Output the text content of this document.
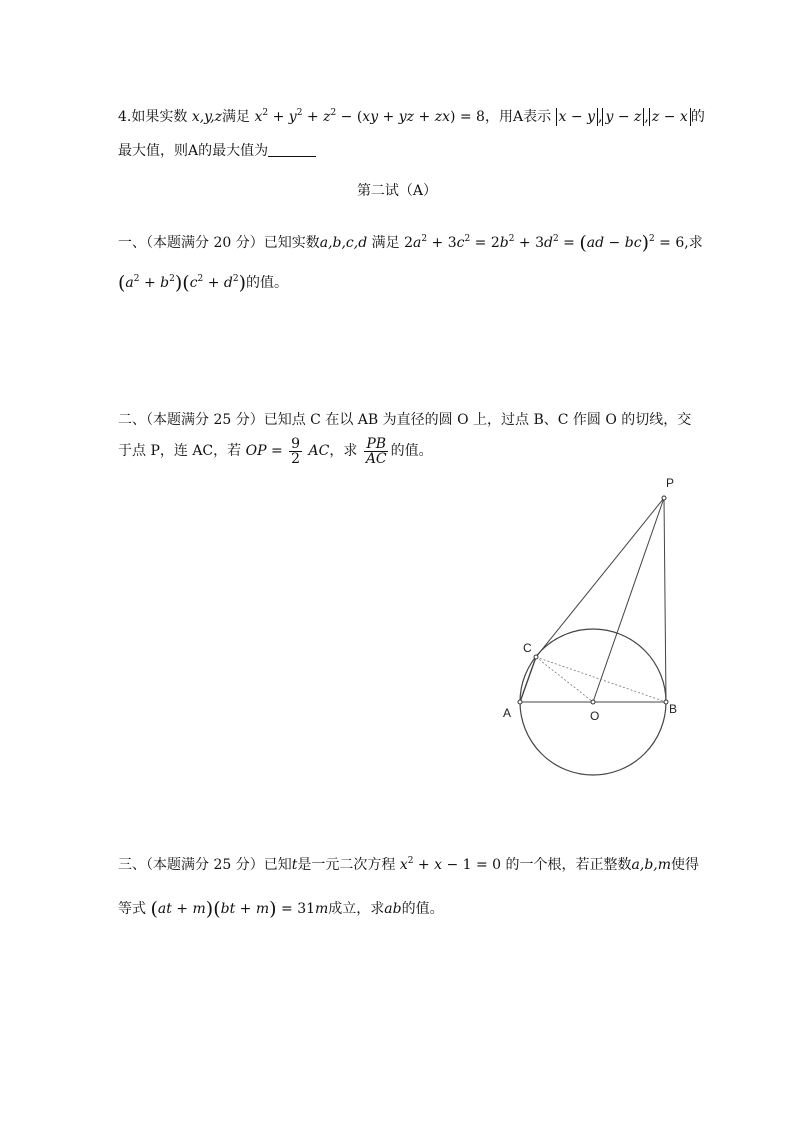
4.如果实数 x,y,z满足 $x^2 + y^2 + z^2 - (xy$ + yz + zx) = 8，用A表示 x − y , y − z , z − x 的
最大值，则A的最大值为
第二试（A）
一、（本题满分 20 分）已知实数a,b,c,d 满足 $2a^2 + 3c^2 = 2b^2 + 3d^2 = (ad - bc)^2 = 6$,求
$(a^2 + b^2)(c^2 + d^2)$的值。
二、（本题满分 25 分）已知点 C 在以 AB 为直径的圆 O 上，过点 B、C 作圆 O 的切线，交
于点 P，连 AC，若 OP = $\frac{9}{2}$ AC，求 $\frac{PB}{AC}$ 的值。
P
C
A	O	B
三、（本题满分 25 分）已知t是一元二次方程 $x^2 + x - 1 = 0$ 的一个根，若正整数a,b,m使得
等式 (at + m)(bt + m) = 31m成立，求ab的值。
